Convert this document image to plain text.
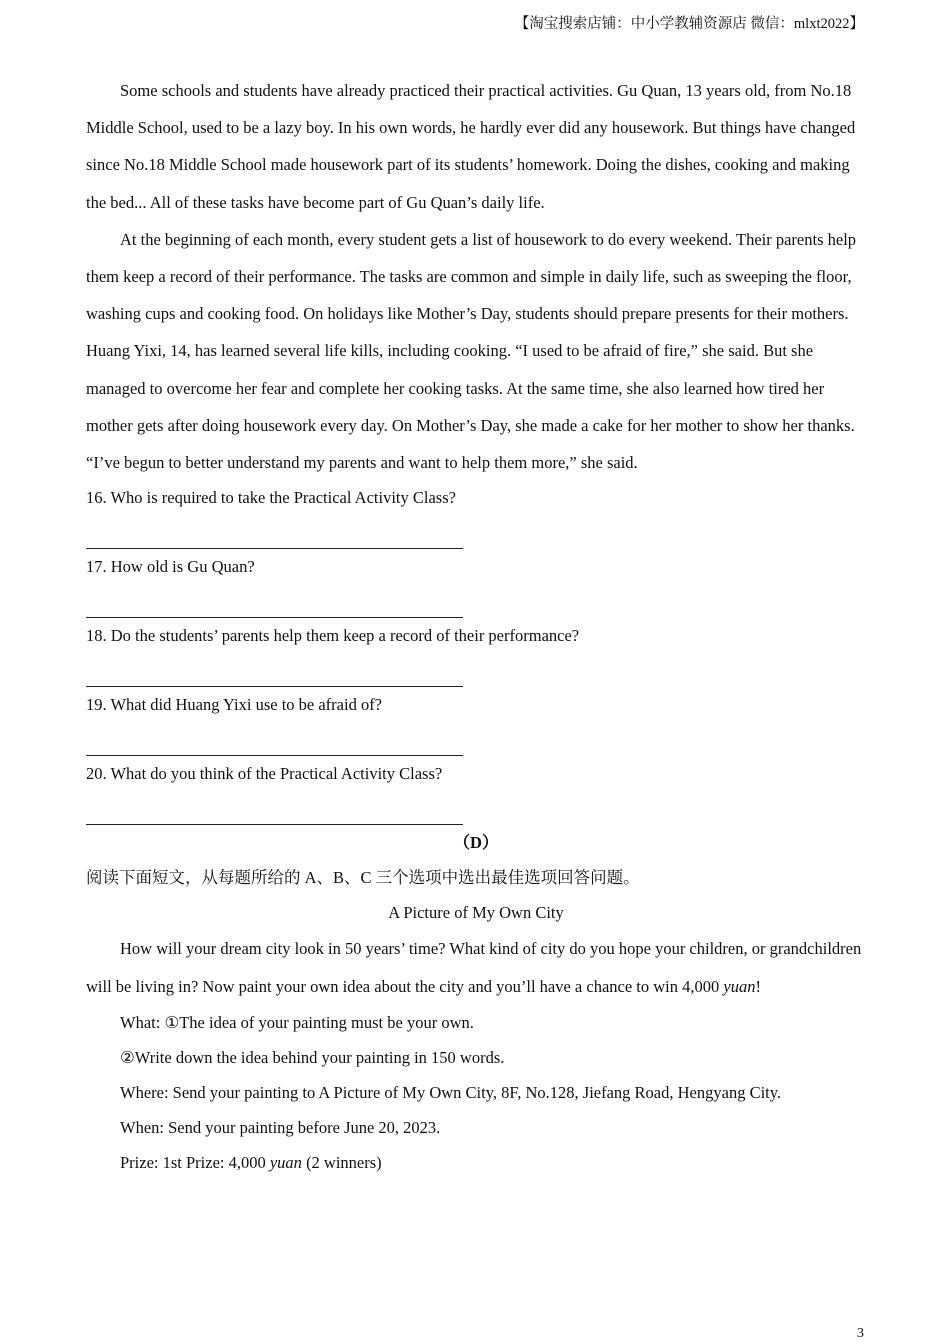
【淘宝搜索店铺：中小学教辅资源店 微信：mlxt2022】

Some schools and students have already practiced their practical activities. Gu Quan, 13 years old, from No.18 Middle School, used to be a lazy boy. In his own words, he hardly ever did any housework. But things have changed since No.18 Middle School made housework part of its students’ homework. Doing the dishes, cooking and making the bed... All of these tasks have become part of Gu Quan’s daily life.

At the beginning of each month, every student gets a list of housework to do every weekend. Their parents help them keep a record of their performance. The tasks are common and simple in daily life, such as sweeping the floor, washing cups and cooking food. On holidays like Mother’s Day, students should prepare presents for their mothers. Huang Yixi, 14, has learned several life kills, including cooking. “I used to be afraid of fire,” she said. But she managed to overcome her fear and complete her cooking tasks. At the same time, she also learned how tired her mother gets after doing housework every day. On Mother’s Day, she made a cake for her mother to show her thanks. “I’ve begun to better understand my parents and want to help them more,” she said.

16. Who is required to take the Practical Activity Class?

17. How old is Gu Quan?

18. Do the students’ parents help them keep a record of their performance?

19. What did Huang Yixi use to be afraid of?

20. What do you think of the Practical Activity Class?

（D）

阅读下面短文，从每题所给的 A、B、C 三个选项中选出最佳选项回答问题。

A Picture of My Own City

How will your dream city look in 50 years’ time? What kind of city do you hope your children, or grandchildren will be living in? Now paint your own idea about the city and you’ll have a chance to win 4,000 yuan!

What: ①The idea of your painting must be your own.

②Write down the idea behind your painting in 150 words.

Where: Send your painting to A Picture of My Own City, 8F, No.128, Jiefang Road, Hengyang City.

When: Send your painting before June 20, 2023.

Prize: 1st Prize: 4,000 yuan (2 winners)

3
